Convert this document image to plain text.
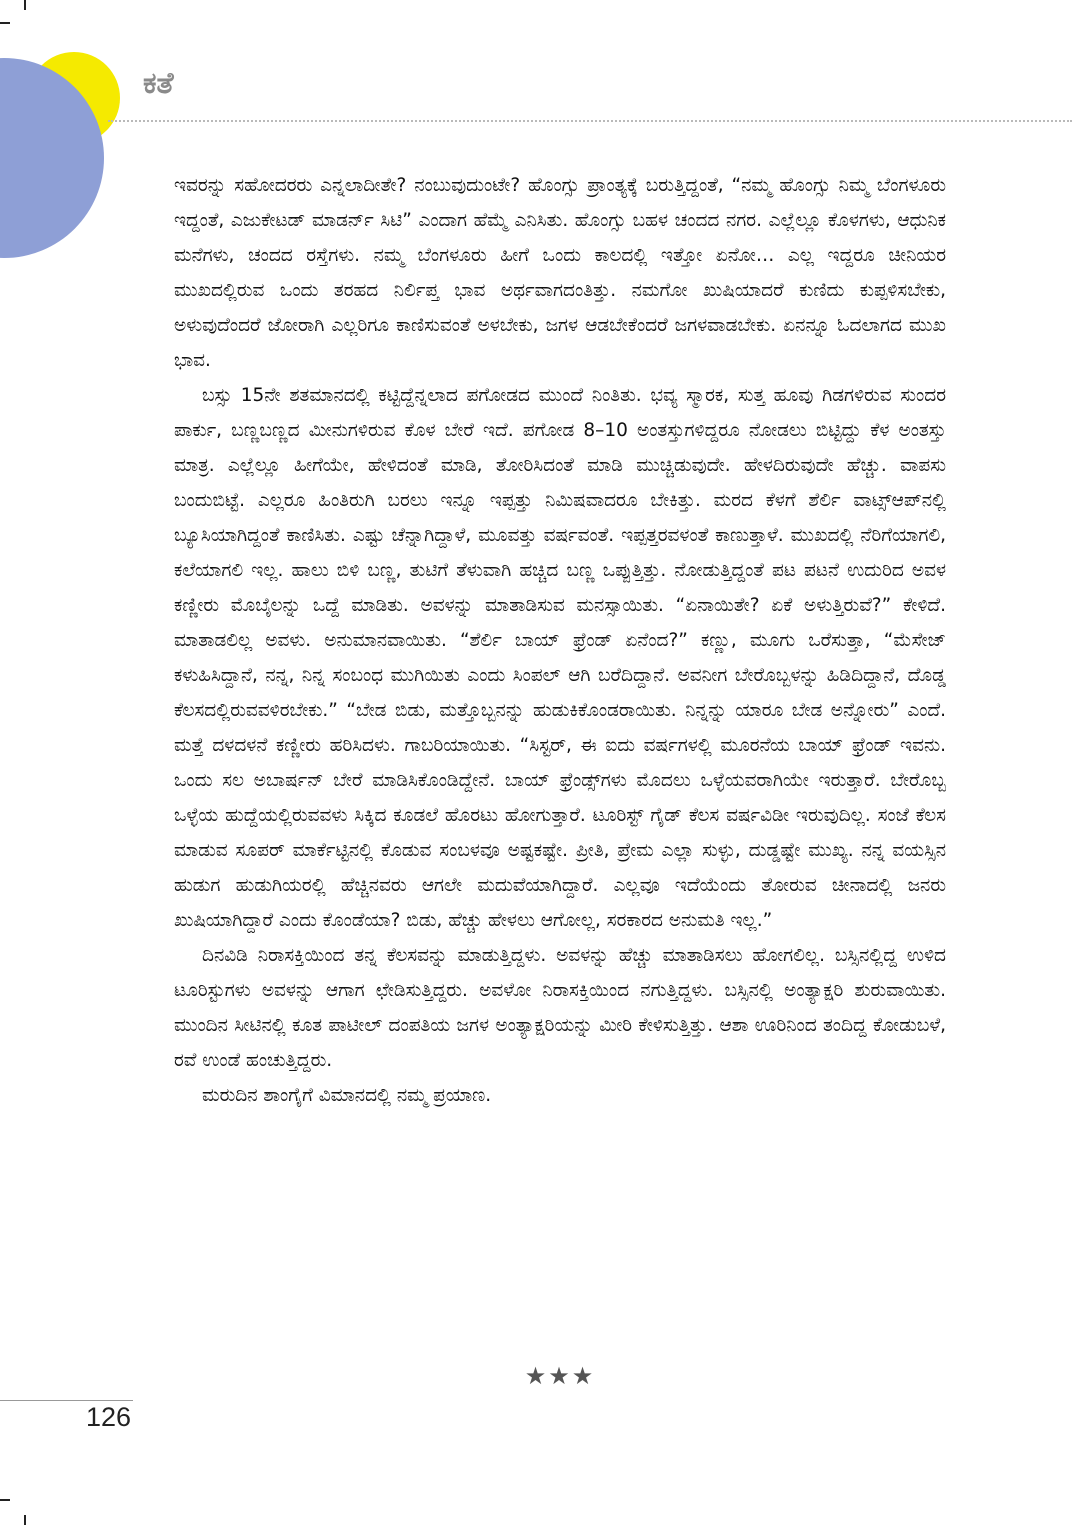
ಕತೆ

ಇವರನ್ನು ಸಹೋದರರು ಎನ್ನಲಾದೀತೇ? ನಂಬುವುದುಂಟೇ? ಹೊಂಗ್ಸು ಪ್ರಾಂತ್ಯಕ್ಕೆ ಬರುತ್ತಿದ್ದಂತೆ, “ನಮ್ಮ ಹೊಂಗ್ಸು ನಿಮ್ಮ ಬೆಂಗಳೂರು ಇದ್ದಂತೆ, ಎಜುಕೇಟಡ್ ಮಾಡರ್ನ್ ಸಿಟಿ” ಎಂದಾಗ ಹೆಮ್ಮೆ ಎನಿಸಿತು. ಹೊಂಗ್ಸು ಬಹಳ ಚಂದದ ನಗರ. ಎಲ್ಲೆಲ್ಲೂ ಕೊಳಗಳು, ಆಧುನಿಕ ಮನೆಗಳು, ಚಂದದ ರಸ್ತೆಗಳು. ನಮ್ಮ ಬೆಂಗಳೂರು ಹೀಗೆ ಒಂದು ಕಾಲದಲ್ಲಿ ಇತ್ತೋ ಏನೋ… ಎಲ್ಲ ಇದ್ದರೂ ಚೀನಿಯರ ಮುಖದಲ್ಲಿರುವ ಒಂದು ತರಹದ ನಿರ್ಲಿಪ್ತ ಭಾವ ಅರ್ಥವಾಗದಂತಿತ್ತು. ನಮಗೋ ಖುಷಿಯಾದರೆ ಕುಣಿದು ಕುಪ್ಪಳಿಸಬೇಕು, ಅಳುವುದೆಂದರೆ ಜೋರಾಗಿ ಎಲ್ಲರಿಗೂ ಕಾಣಿಸುವಂತೆ ಅಳಬೇಕು, ಜಗಳ ಆಡಬೇಕೆಂದರೆ ಜಗಳವಾಡಬೇಕು. ಏನನ್ನೂ ಓದಲಾಗದ ಮುಖ ಭಾವ.

ಬಸ್ಸು 15ನೇ ಶತಮಾನದಲ್ಲಿ ಕಟ್ಟಿದ್ದೆನ್ನಲಾದ ಪಗೋಡದ ಮುಂದೆ ನಿಂತಿತು. ಭವ್ಯ ಸ್ಮಾರಕ, ಸುತ್ತ ಹೂವು ಗಿಡಗಳಿರುವ ಸುಂದರ ಪಾರ್ಕು, ಬಣ್ಣಬಣ್ಣದ ಮೀನುಗಳಿರುವ ಕೊಳ ಬೇರೆ ಇದೆ. ಪಗೋಡ 8–10 ಅಂತಸ್ತುಗಳಿದ್ದರೂ ನೋಡಲು ಬಿಟ್ಟಿದ್ದು ಕೆಳ ಅಂತಸ್ತು ಮಾತ್ರ. ಎಲ್ಲೆಲ್ಲೂ ಹೀಗೆಯೇ, ಹೇಳಿದಂತೆ ಮಾಡಿ, ತೋರಿಸಿದಂತೆ ಮಾಡಿ ಮುಚ್ಚಿಡುವುದೇ. ಹೇಳದಿರುವುದೇ ಹೆಚ್ಚು. ವಾಪಸು ಬಂದುಬಿಟ್ಟೆ. ಎಲ್ಲರೂ ಹಿಂತಿರುಗಿ ಬರಲು ಇನ್ನೂ ಇಪ್ಪತ್ತು ನಿಮಿಷವಾದರೂ ಬೇಕಿತ್ತು. ಮರದ ಕೆಳಗೆ ಶೆರ್ಲಿ ವಾಟ್ಸ್‌ಆಪ್‌ನಲ್ಲಿ ಬ್ಯೂಸಿಯಾಗಿದ್ದಂತೆ ಕಾಣಿಸಿತು. ಎಷ್ಟು ಚೆನ್ನಾಗಿದ್ದಾಳೆ, ಮೂವತ್ತು ವರ್ಷವಂತೆ. ಇಪ್ಪತ್ತರವಳಂತೆ ಕಾಣುತ್ತಾಳೆ. ಮುಖದಲ್ಲಿ ನೆರಿಗೆಯಾಗಲಿ, ಕಲೆಯಾಗಲಿ ಇಲ್ಲ. ಹಾಲು ಬಿಳಿ ಬಣ್ಣ, ತುಟಿಗೆ ತೆಳುವಾಗಿ ಹಚ್ಚಿದ ಬಣ್ಣ ಒಪ್ಪುತ್ತಿತ್ತು. ನೋಡುತ್ತಿದ್ದಂತೆ ಪಟ ಪಟನೆ ಉದುರಿದ ಅವಳ ಕಣ್ಣೀರು ಮೊಬೈಲನ್ನು ಒದ್ದೆ ಮಾಡಿತು. ಅವಳನ್ನು ಮಾತಾಡಿಸುವ ಮನಸ್ಸಾಯಿತು. “ಏನಾಯಿತೇ? ಏಕೆ ಅಳುತ್ತಿರುವೆ?” ಕೇಳಿದೆ. ಮಾತಾಡಲಿಲ್ಲ ಅವಳು. ಅನುಮಾನವಾಯಿತು. “ಶೆರ್ಲಿ ಬಾಯ್ ಫ್ರೆಂಡ್ ಏನೆಂದ?” ಕಣ್ಣು, ಮೂಗು ಒರೆಸುತ್ತಾ, “ಮೆಸೇಜ್ ಕಳುಹಿಸಿದ್ದಾನೆ, ನನ್ನ, ನಿನ್ನ ಸಂಬಂಧ ಮುಗಿಯಿತು ಎಂದು ಸಿಂಪಲ್ ಆಗಿ ಬರೆದಿದ್ದಾನೆ. ಅವನೀಗ ಬೇರೊಬ್ಬಳನ್ನು ಹಿಡಿದಿದ್ದಾನೆ, ದೊಡ್ಡ ಕೆಲಸದಲ್ಲಿರುವವಳಿರಬೇಕು.” “ಬೇಡ ಬಿಡು, ಮತ್ತೊಬ್ಬನನ್ನು ಹುಡುಕಿಕೊಂಡರಾಯಿತು. ನಿನ್ನನ್ನು ಯಾರೂ ಬೇಡ ಅನ್ನೋರು” ಎಂದೆ. ಮತ್ತೆ ದಳದಳನೆ ಕಣ್ಣೀರು ಹರಿಸಿದಳು. ಗಾಬರಿಯಾಯಿತು. “ಸಿಸ್ಟರ್, ಈ ಐದು ವರ್ಷಗಳಲ್ಲಿ ಮೂರನೆಯ ಬಾಯ್ ಫ್ರೆಂಡ್ ಇವನು. ಒಂದು ಸಲ ಅಬಾರ್ಷನ್ ಬೇರೆ ಮಾಡಿಸಿಕೊಂಡಿದ್ದೇನೆ. ಬಾಯ್ ಫ್ರೆಂಡ್ಸ್‌ಗಳು ಮೊದಲು ಒಳ್ಳೆಯವರಾಗಿಯೇ ಇರುತ್ತಾರೆ. ಬೇರೊಬ್ಬ ಒಳ್ಳೆಯ ಹುದ್ದೆಯಲ್ಲಿರುವವಳು ಸಿಕ್ಕಿದ ಕೂಡಲೆ ಹೊರಟು ಹೋಗುತ್ತಾರೆ. ಟೂರಿಸ್ಟ್ ಗೈಡ್ ಕೆಲಸ ವರ್ಷವಿಡೀ ಇರುವುದಿಲ್ಲ. ಸಂಜೆ ಕೆಲಸ ಮಾಡುವ ಸೂಪರ್ ಮಾರ್ಕೆಟ್ಟಿನಲ್ಲಿ ಕೊಡುವ ಸಂಬಳವೂ ಅಷ್ಟಕಷ್ಟೇ. ಪ್ರೀತಿ, ಪ್ರೇಮ ಎಲ್ಲಾ ಸುಳ್ಳು, ದುಡ್ಡಷ್ಟೇ ಮುಖ್ಯ. ನನ್ನ ವಯಸ್ಸಿನ ಹುಡುಗ ಹುಡುಗಿಯರಲ್ಲಿ ಹೆಚ್ಚಿನವರು ಆಗಲೇ ಮದುವೆಯಾಗಿದ್ದಾರೆ. ಎಲ್ಲವೂ ಇದೆಯೆಂದು ತೋರುವ ಚೀನಾದಲ್ಲಿ ಜನರು ಖುಷಿಯಾಗಿದ್ದಾರೆ ಎಂದು ಕೊಂಡೆಯಾ? ಬಿಡು, ಹೆಚ್ಚು ಹೇಳಲು ಆಗೋಲ್ಲ, ಸರಕಾರದ ಅನುಮತಿ ಇಲ್ಲ.”

ದಿನವಿಡಿ ನಿರಾಸಕ್ತಿಯಿಂದ ತನ್ನ ಕೆಲಸವನ್ನು ಮಾಡುತ್ತಿದ್ದಳು. ಅವಳನ್ನು ಹೆಚ್ಚು ಮಾತಾಡಿಸಲು ಹೋಗಲಿಲ್ಲ. ಬಸ್ಸಿನಲ್ಲಿದ್ದ ಉಳಿದ ಟೂರಿಸ್ಟುಗಳು ಅವಳನ್ನು ಆಗಾಗ ಛೇಡಿಸುತ್ತಿದ್ದರು. ಅವಳೋ ನಿರಾಸಕ್ತಿಯಿಂದ ನಗುತ್ತಿದ್ದಳು. ಬಸ್ಸಿನಲ್ಲಿ ಅಂತ್ಯಾಕ್ಷರಿ ಶುರುವಾಯಿತು. ಮುಂದಿನ ಸೀಟಿನಲ್ಲಿ ಕೂತ ಪಾಟೀಲ್ ದಂಪತಿಯ ಜಗಳ ಅಂತ್ಯಾಕ್ಷರಿಯನ್ನು ಮೀರಿ ಕೇಳಿಸುತ್ತಿತ್ತು. ಆಶಾ ಊರಿನಿಂದ ತಂದಿದ್ದ ಕೋಡುಬಳೆ, ರವೆ ಉಂಡೆ ಹಂಚುತ್ತಿದ್ದರು.

ಮರುದಿನ ಶಾಂಗೈಗೆ ವಿಮಾನದಲ್ಲಿ ನಮ್ಮ ಪ್ರಯಾಣ.

★★★
126
